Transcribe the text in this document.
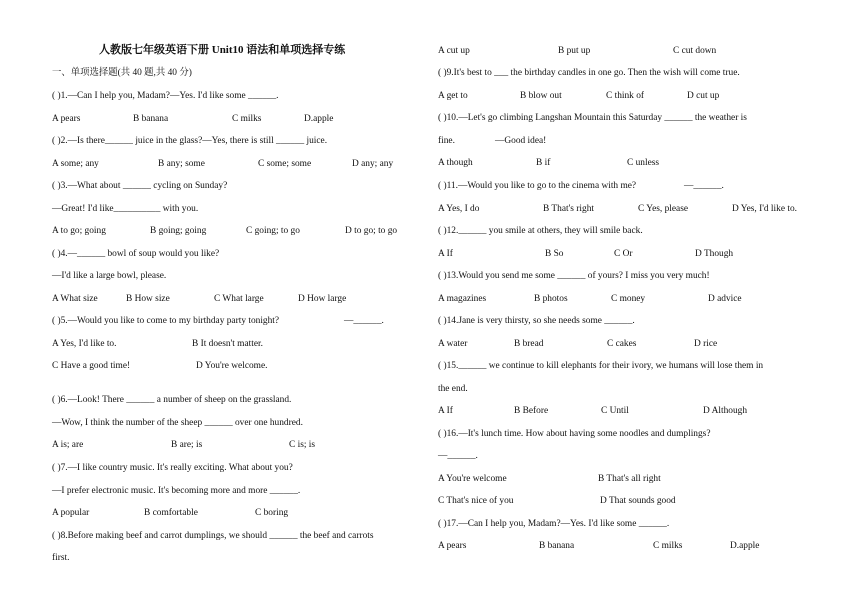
人教版七年级英语下册 Unit10 语法和单项选择专练
一、单项选择题(共 40 题,共 40 分)
( )1.—Can I help you, Madam?—Yes. I'd like some ______.
A pears	B banana	C milks	D.apple
( )2.—Is there______ juice in the glass?—Yes, there is still ______ juice.
A some; any	B any; some	C some; some	D any; any
( )3.—What about ______ cycling on Sunday?
—Great! I'd like__________ with you.
A to go; going	B going; going	C going; to go	D to go; to go
( )4.—______ bowl of soup would you like?
—I'd like a large bowl, please.
A What size	B How size	C What large	D How large
( )5.—Would you like to come to my birthday party tonight?	—______.
A Yes, I'd like to.	B It doesn't matter.
C Have a good time!	D You're welcome.
( )6.—Look! There ______ a number of sheep on the grassland.
—Wow, I think the number of the sheep ______ over one hundred.
A is; are	B are; is	C is; is
( )7.—I like country music. It's really exciting. What about you?
—I prefer electronic music. It's becoming more and more ______.
A popular	B comfortable	C boring
( )8.Before making beef and carrot dumplings, we should ______ the beef and carrots
first.
A cut up	B put up	C cut down
( )9.It's best to ___ the birthday candles in one go. Then the wish will come true.
A get to	B blow out	C think of	D cut up
( )10.—Let's go climbing Langshan Mountain this Saturday ______ the weather is
fine.	—Good idea!
A though	B if	C unless
( )11.—Would you like to go to the cinema with me?	—______.
A Yes, I do	B That's right	C Yes, please	D Yes, I'd like to.
( )12.______ you smile at others, they will smile back.
A If	B So	C Or	D Though
( )13.Would you send me some ______ of yours? I miss you very much!
A magazines	B photos	C money	D advice
( )14.Jane is very thirsty, so she needs some ______.
A water	B bread	C cakes	D rice
( )15.______ we continue to kill elephants for their ivory, we humans will lose them in
the end.
A If	B Before	C Until	D Although
( )16.—It's lunch time. How about having some noodles and dumplings?
—______.
A You're welcome	B That's all right
C That's nice of you	D That sounds good
( )17.—Can I help you, Madam?—Yes. I'd like some ______.
A pears	B banana	C milks	D.apple
